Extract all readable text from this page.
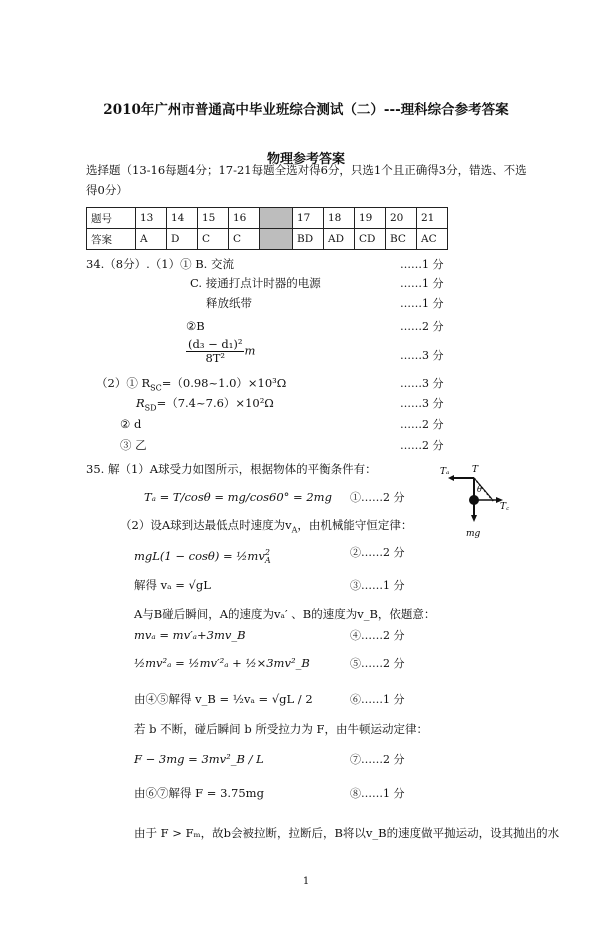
2010年广州市普通高中毕业班综合测试（二）---理科综合参考答案
物理参考答案
选择题（13-16每题4分；17-21每题全选对得6分，只选1个且正确得3分，错选、不选
得0分）
题号	13	14	15	16		17	18	19	20	21
答案	A	D	C	C		BD	AD	CD	BC	AC
34.（8分）.（1）① B. 交流	……1 分
C. 接通打点计时器的电源	……1 分
释放纸带	……1 分
②B	……2 分
$\frac{\text{(d₃ − d₁)²}}{\text{8T²}}$ m	……3 分
（2）① $R_{SC}=(0.98\sim 1.0)\times 10^3\Omega$	……3 分
$R_{SD}=(7.4\sim 7.6)\times 10^2\Omega$	……3 分
② d	……2 分
③ 乙	……2 分
35. 解（1）A球受力如图所示，根据物体的平衡条件有：
Tₐ = T/cosθ = mg/cos60° = 2mg ①……2 分
（2）设A球到达最低点时速度为$v_A$，由机械能守恒定律：
$mgL(1 - \cos\theta) = \frac{1}{2}mv^2_A$
②……2 分
解得 vₐ = √gL	③……1 分
A与B碰后瞬间，A的速度为vₐ′ 、B的速度为v_B，依题意：
mvₐ = mv′ₐ+3mv_B	④……2 分
½mv²ₐ = ½mv′²ₐ + ½×3mv²_B	⑤……2 分
由④⑤解得 v_B = ½vₐ = √gL / 2	⑥……1 分
若 b 不断，碰后瞬间 b 所受拉力为 F，由牛顿运动定律：
F − 3mg = 3mv²_B / L	⑦……2 分
由⑥⑦解得 F = 3.75mg	⑧……1 分
由于 F > Fₘ，故b会被拉断，拉断后，B将以v_B的速度做平抛运动，设其抛出的水
Tₐ	T
θ
T꜀
mg
1
